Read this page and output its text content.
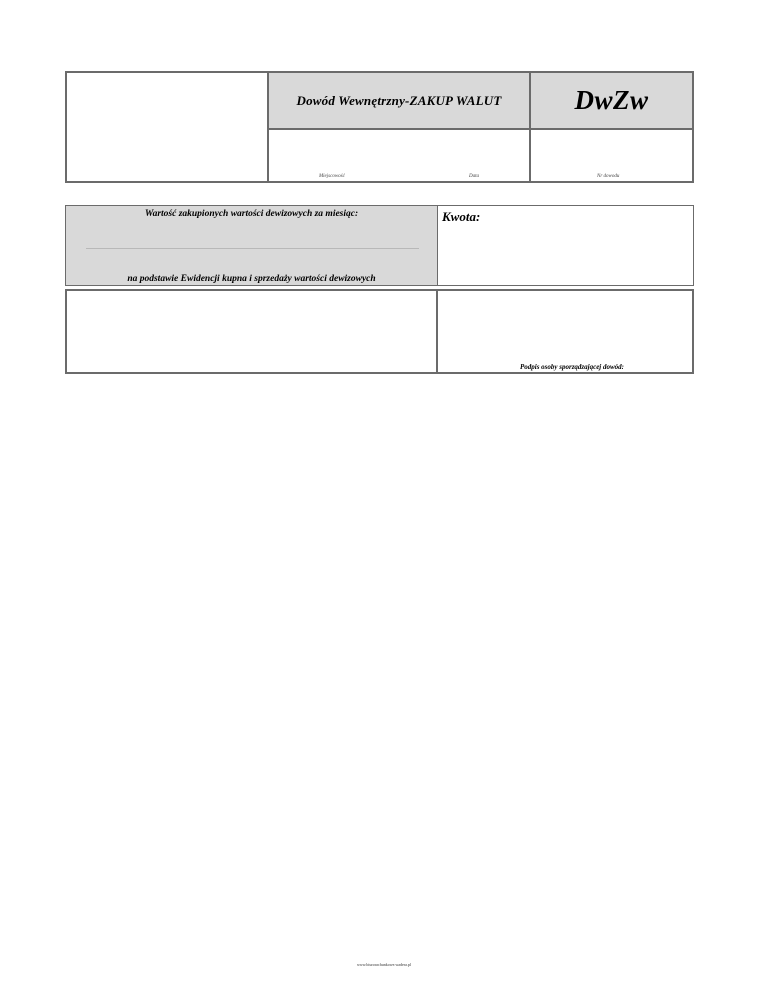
Dowód Wewnętrzny-ZAKUP WALUT	DwZw
Miejscowość	Data	Nr dowodu
Wartość zakupionych wartości dewizowych za miesiąc:
na podstawie Ewidencji kupna i sprzedaży wartości dewizowych
Kwota:
Podpis osoby sporządzającej dowód:
www.biurorachunkowe.wadera.pl
